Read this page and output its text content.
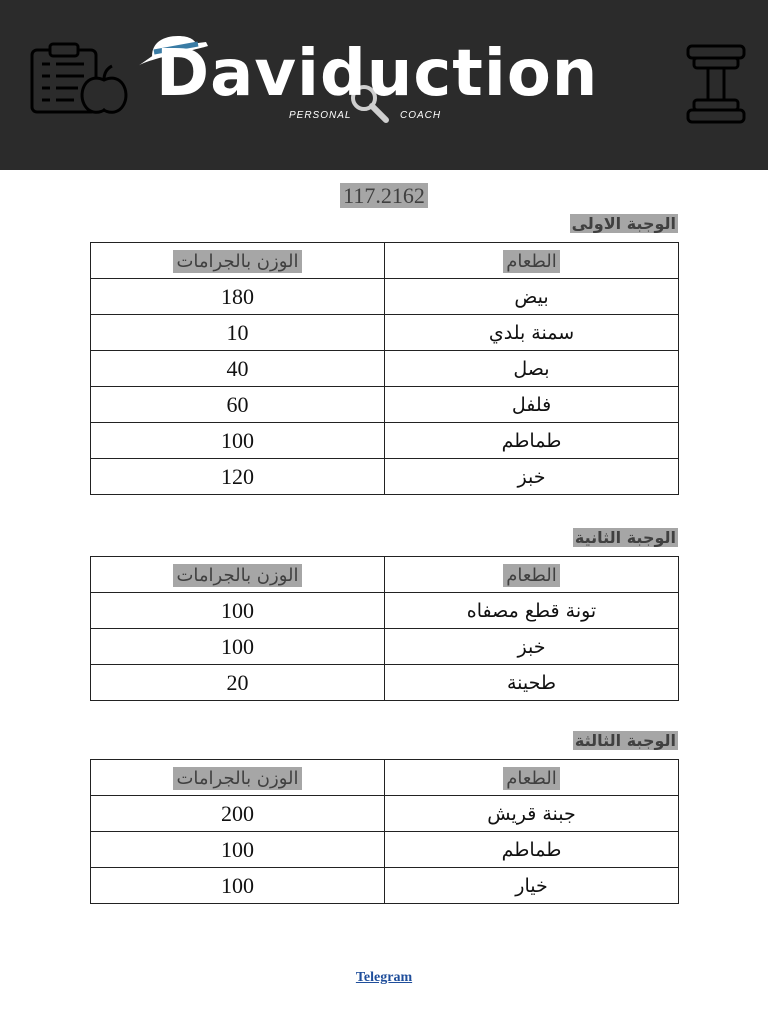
Daviduction
PERSONAL	COACH
117.2162
الوجبة الاولى
الطعام	الوزن بالجرامات
بيض	180
سمنة بلدي	10
بصل	40
فلفل	60
طماطم	100
خبز	120
الوجبة الثانية
الطعام	الوزن بالجرامات
تونة قطع مصفاه	100
خبز	100
طحينة	20
الوجبة الثالثة
الطعام	الوزن بالجرامات
جبنة قريش	200
طماطم	100
خيار	100
Telegram
